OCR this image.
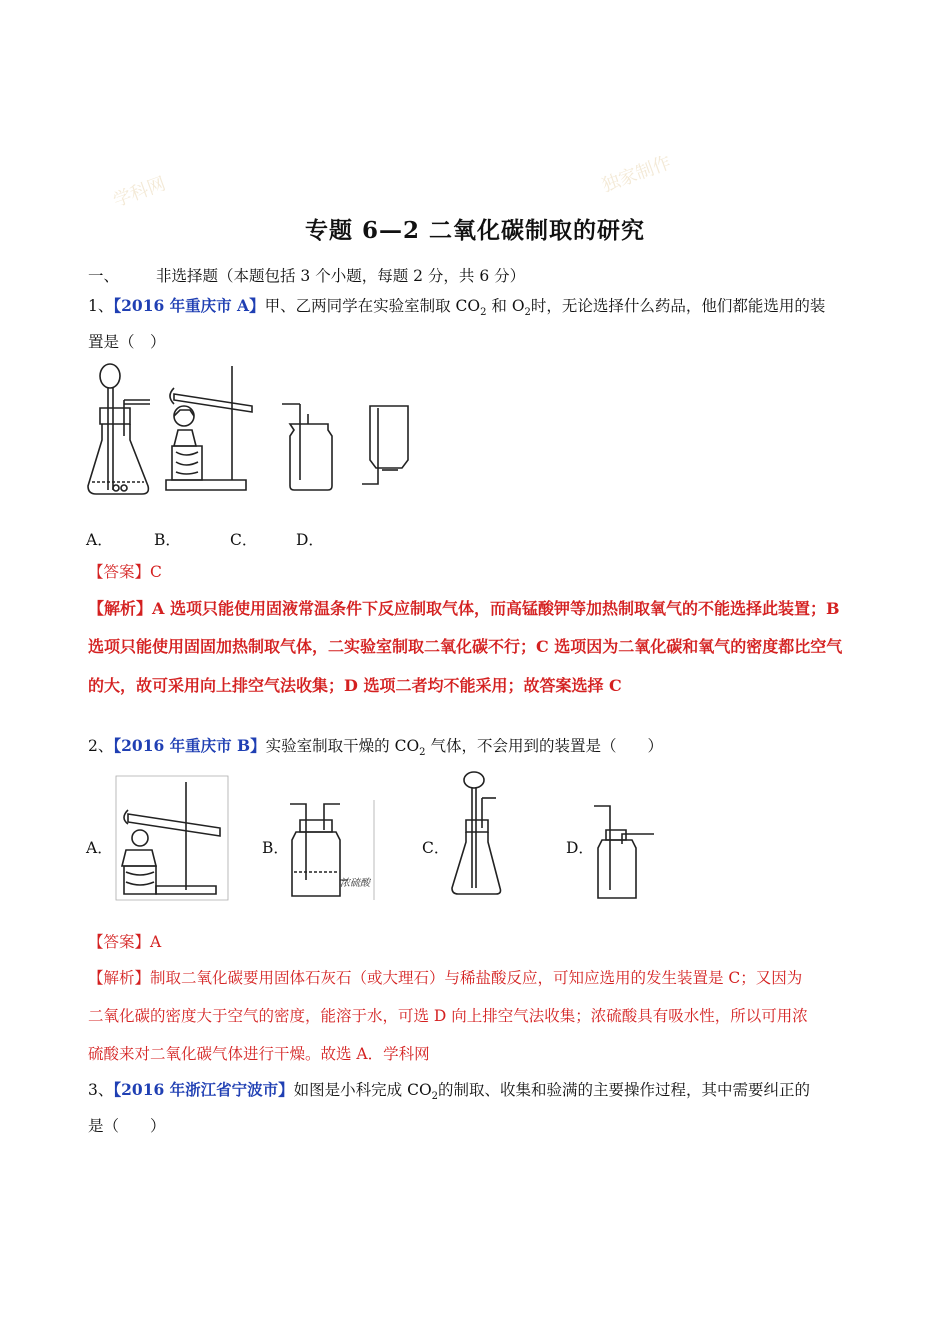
学科网	独家制作
专题 6—2 二氧化碳制取的研究
一、 非选择题（本题包括 3 个小题，每题 2 分，共 6 分）
1、【2016 年重庆市 A】甲、乙两同学在实验室制取 $CO_2$ 和 $O_2$时，无论选择什么药品，他们都能选用的装
置是（　）
A．	B．	C． D．
【答案】C
【解析】A 选项只能使用固液常温条件下反应制取气体，而高锰酸钾等加热制取氧气的不能选择此装置；B
选项只能使用固固加热制取气体，二实验室制取二氧化碳不行；C 选项因为二氧化碳和氧气的密度都比空气
的大，故可采用向上排空气法收集；D 选项二者均不能采用；故答案选择 C
2、【2016 年重庆市 B】实验室制取干燥的 $CO_2$ 气体，不会用到的装置是（　　）
A．	B．
浓硫酸
C．	D．
【答案】A
【解析】制取二氧化碳要用固体石灰石（或大理石）与稀盐酸反应，可知应选用的发生装置是 C；又因为
二氧化碳的密度大于空气的密度，能溶于水，可选 D 向上排空气法收集；浓硫酸具有吸水性，所以可用浓
硫酸来对二氧化碳气体进行干燥。故选 A．学科网
3、【2016 年浙江省宁波市】如图是小科完成 $CO_2$的制取、收集和验满的主要操作过程，其中需要纠正的
是（　　）
